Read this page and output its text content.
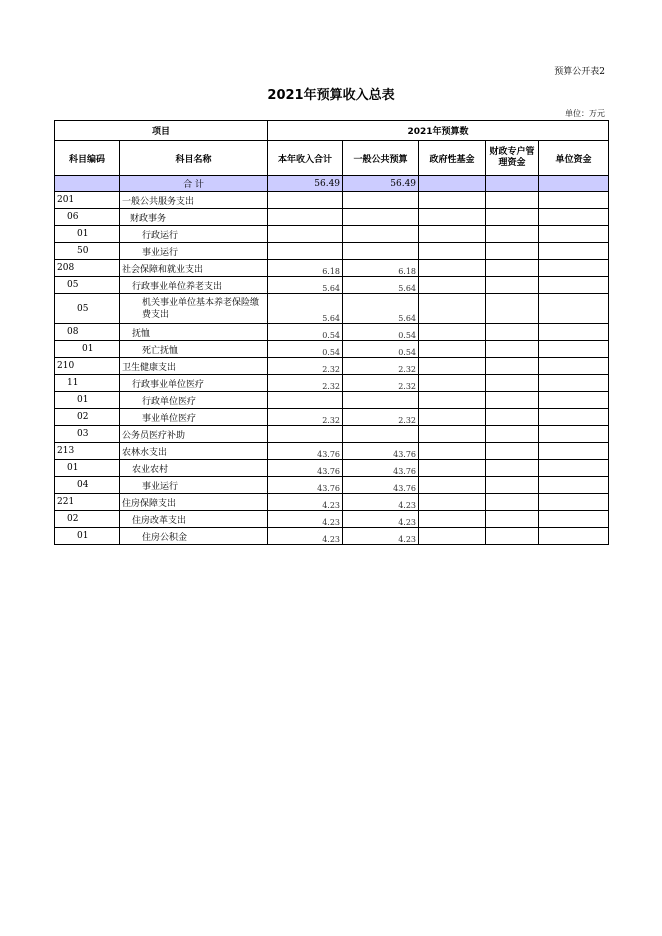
预算公开表2
2021年预算收入总表
单位：万元
项目		2021年预算数				
科目编码	科目名称	本年收入合计	一般公共预算	政府性基金	财政专户管理资金	单位资金
	合 计	56.49	56.49			
201	一般公共服务支出					
06	财政事务					
01	行政运行					
50	事业运行					
208	社会保障和就业支出	6.18	6.18			
05	行政事业单位养老支出	5.64	5.64			
05	机关事业单位基本养老保险缴费支出	5.64	5.64			
08	抚恤	0.54	0.54			
01	死亡抚恤	0.54	0.54			
210	卫生健康支出	2.32	2.32			
11	行政事业单位医疗	2.32	2.32			
01	行政单位医疗					
02	事业单位医疗	2.32	2.32			
03	公务员医疗补助					
213	农林水支出	43.76	43.76			
01	农业农村	43.76	43.76			
04	事业运行	43.76	43.76			
221	住房保障支出	4.23	4.23			
02	住房改革支出	4.23	4.23			
01	住房公积金	4.23	4.23			
